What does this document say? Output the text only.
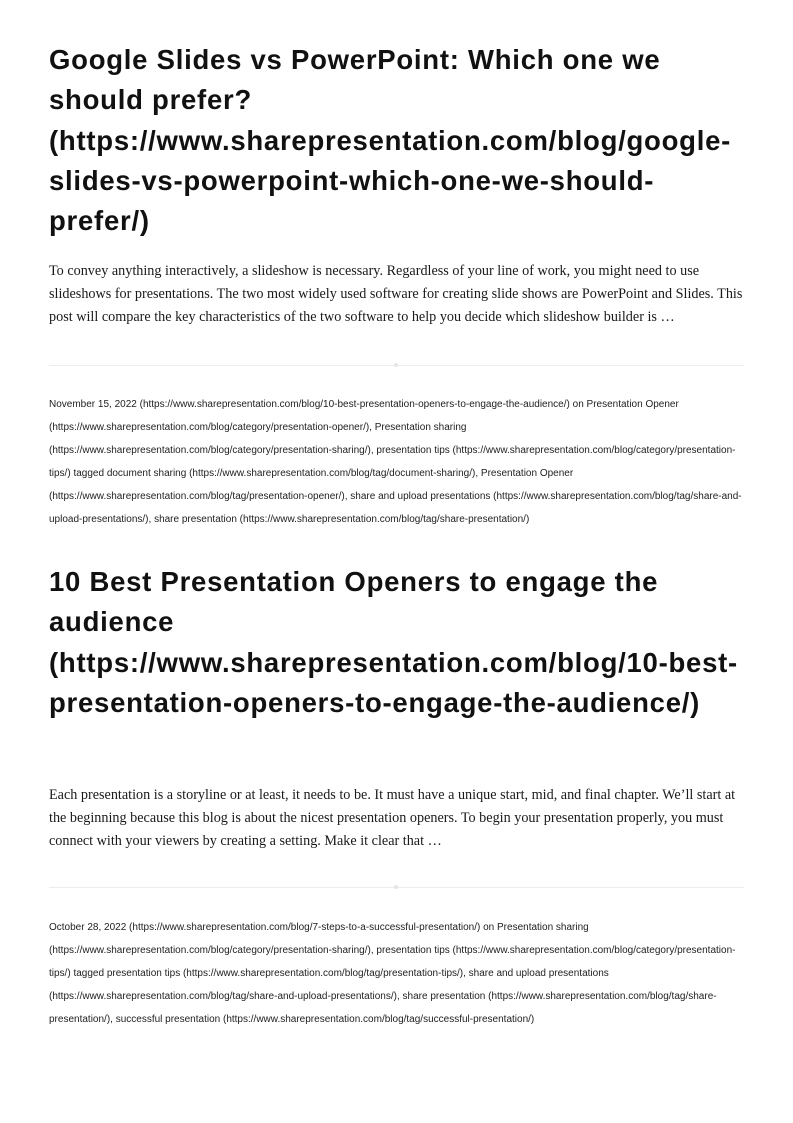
Google Slides vs PowerPoint: Which one we should prefer? (https://www.sharepresentation.com/blog/google-slides-vs-powerpoint-which-one-we-should-prefer/)

To convey anything interactively, a slideshow is necessary. Regardless of your line of work, you might need to use slideshows for presentations. The two most widely used software for creating slide shows are PowerPoint and Slides. This post will compare the key characteristics of the two software to help you decide which slideshow builder is …

November 15, 2022 (https://www.sharepresentation.com/blog/10-best-presentation-openers-to-engage-the-audience/) on Presentation Opener (https://www.sharepresentation.com/blog/category/presentation-opener/), Presentation sharing (https://www.sharepresentation.com/blog/category/presentation-sharing/), presentation tips (https://www.sharepresentation.com/blog/category/presentation-tips/) tagged document sharing (https://www.sharepresentation.com/blog/tag/document-sharing/), Presentation Opener (https://www.sharepresentation.com/blog/tag/presentation-opener/), share and upload presentations (https://www.sharepresentation.com/blog/tag/share-and-upload-presentations/), share presentation (https://www.sharepresentation.com/blog/tag/share-presentation/)

10 Best Presentation Openers to engage the audience (https://www.sharepresentation.com/blog/10-best-presentation-openers-to-engage-the-audience/)

Each presentation is a storyline or at least, it needs to be. It must have a unique start, mid, and final chapter. We’ll start at the beginning because this blog is about the nicest presentation openers. To begin your presentation properly, you must connect with your viewers by creating a setting. Make it clear that …

October 28, 2022 (https://www.sharepresentation.com/blog/7-steps-to-a-successful-presentation/) on Presentation sharing (https://www.sharepresentation.com/blog/category/presentation-sharing/), presentation tips (https://www.sharepresentation.com/blog/category/presentation-tips/) tagged presentation tips (https://www.sharepresentation.com/blog/tag/presentation-tips/), share and upload presentations (https://www.sharepresentation.com/blog/tag/share-and-upload-presentations/), share presentation (https://www.sharepresentation.com/blog/tag/share-presentation/), successful presentation (https://www.sharepresentation.com/blog/tag/successful-presentation/)
